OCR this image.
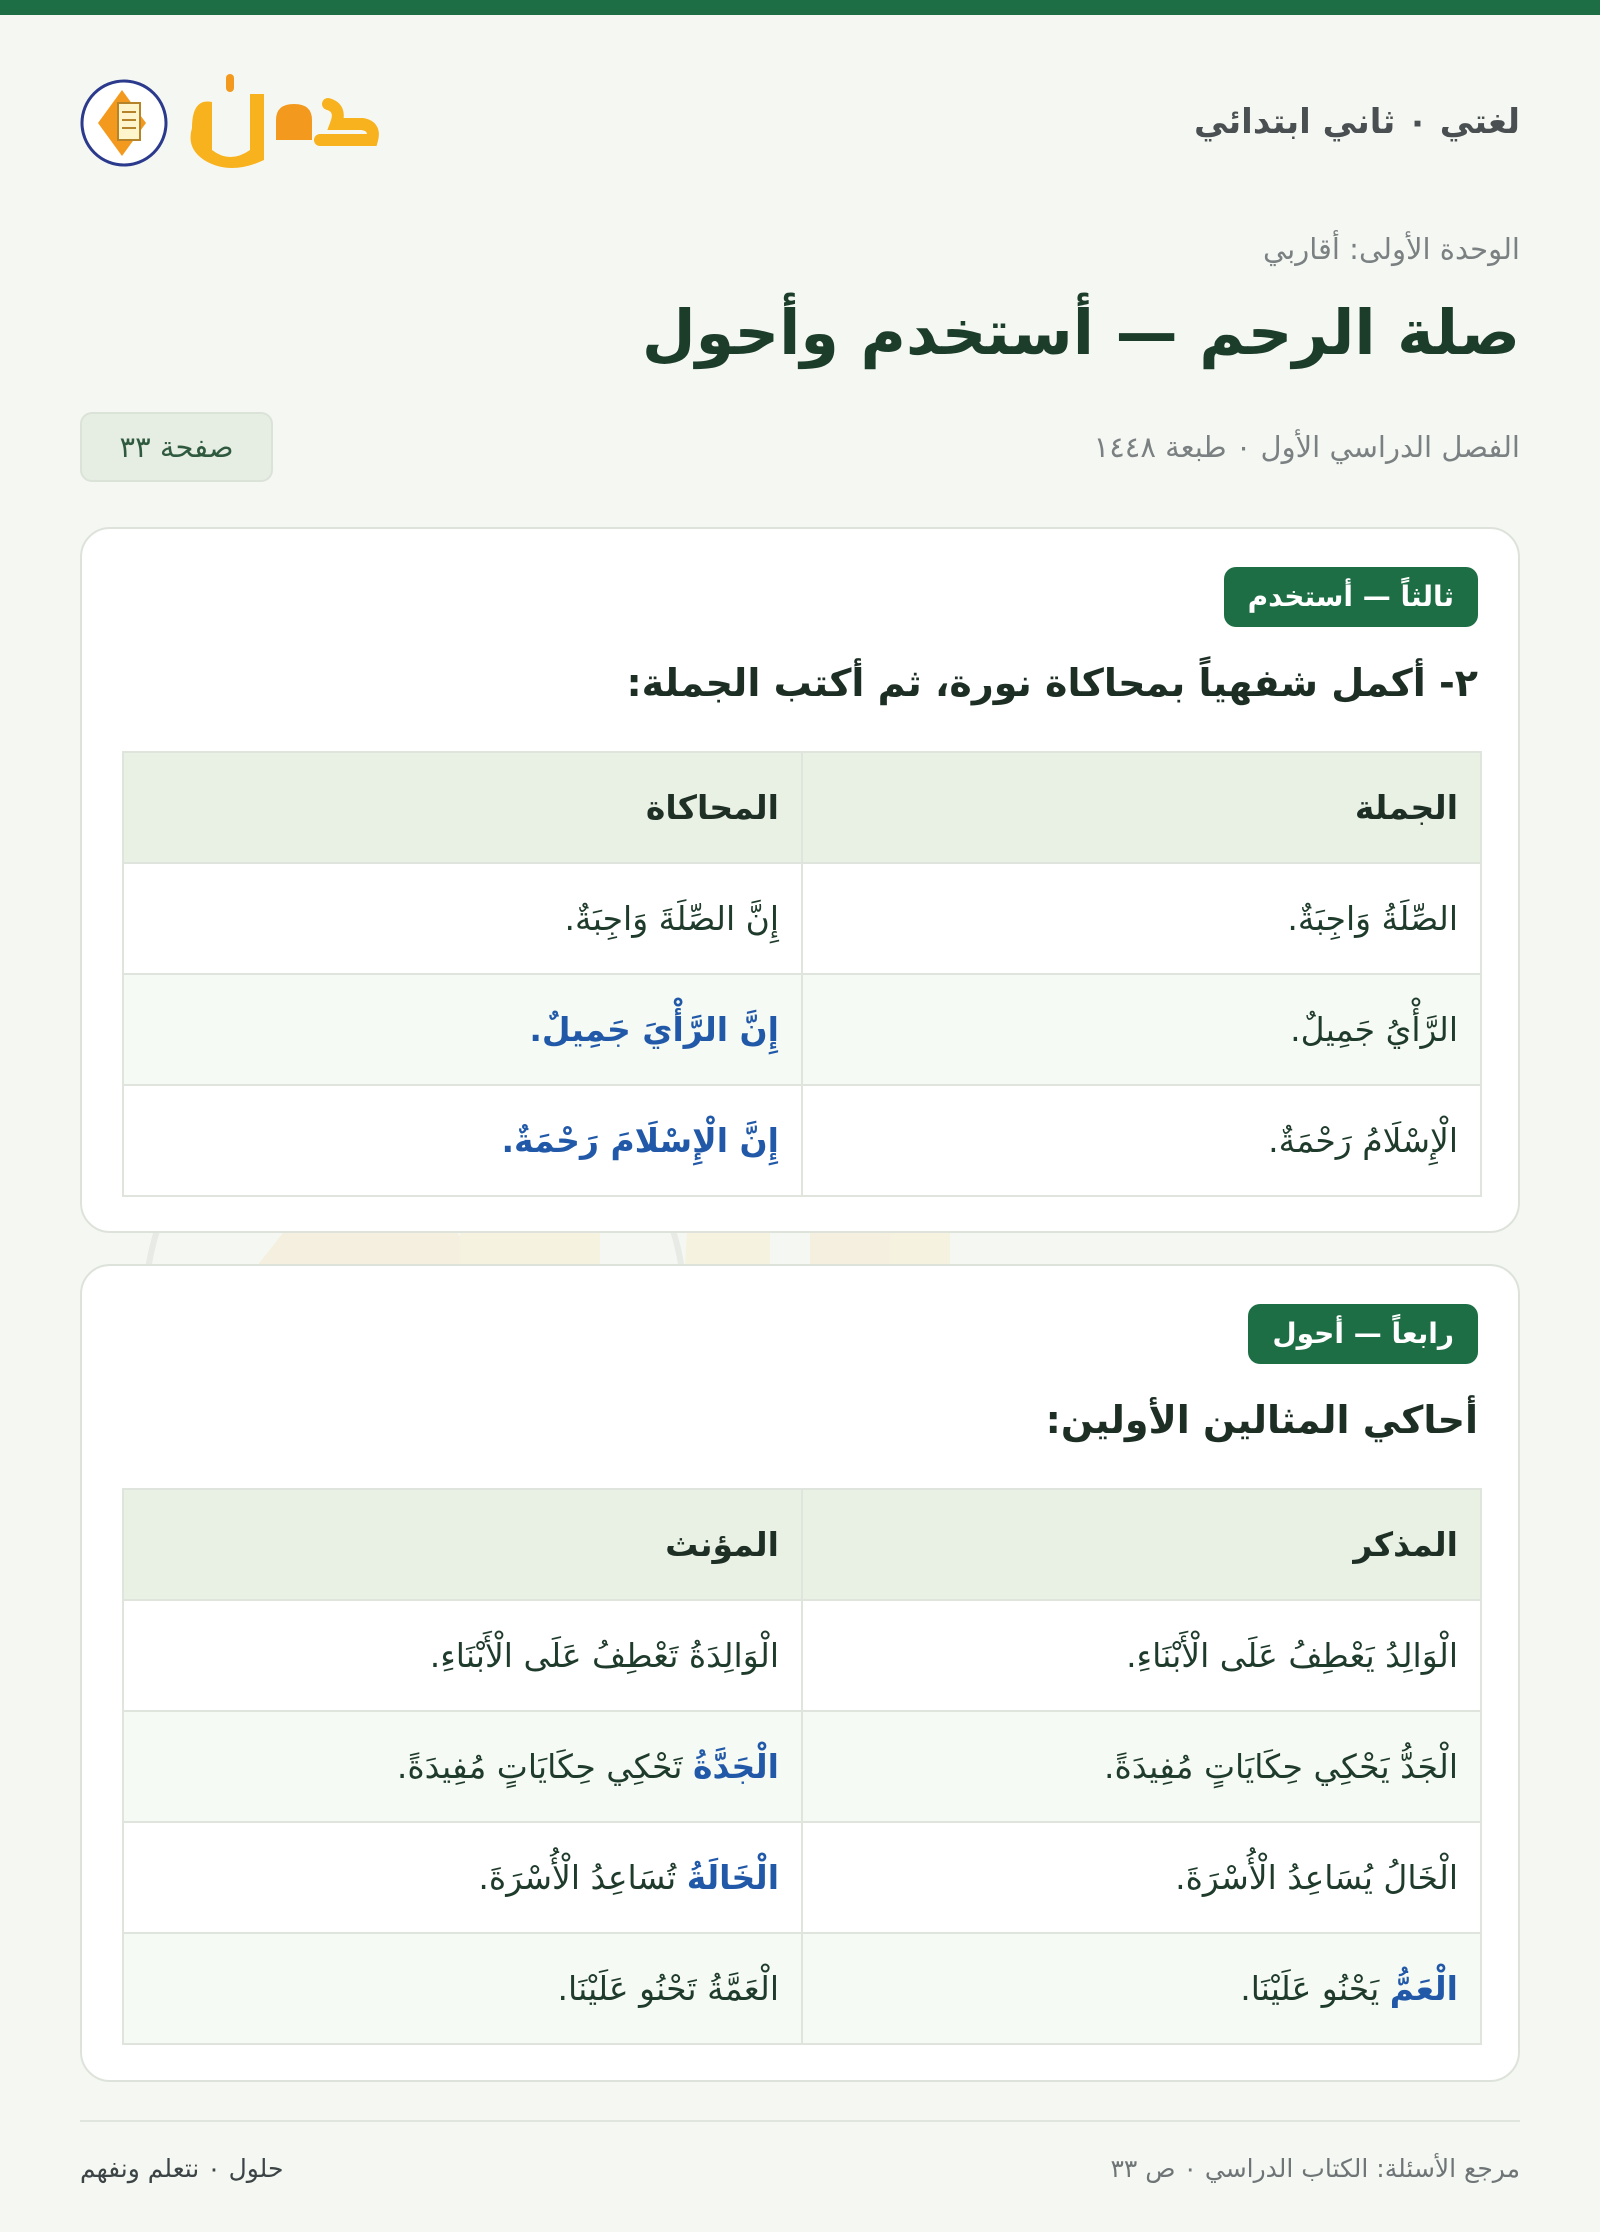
لغتي ٠ ثاني ابتدائي
الوحدة الأولى: أقاربي
صلة الرحم — أستخدم وأحول
الفصل الدراسي الأول ٠ طبعة ١٤٤٨
صفحة ٣٣
ثالثاً — أستخدم
٢- أكمل شفهياً بمحاكاة نورة، ثم أكتب الجملة:
الجملة	المحاكاة
الصِّلَةُ وَاجِبَةٌ.	إِنَّ الصِّلَةَ وَاجِبَةٌ.
الرَّأْيُ جَمِيلٌ.	إِنَّ الرَّأْيَ جَمِيلٌ.
الْإِسْلَامُ رَحْمَةٌ.	إِنَّ الْإِسْلَامَ رَحْمَةٌ.
رابعاً — أحول
أحاكي المثالين الأولين:
المذكر	المؤنث
الْوَالِدُ يَعْطِفُ عَلَى الْأَبْنَاءِ.	الْوَالِدَةُ تَعْطِفُ عَلَى الْأَبْنَاءِ.
الْجَدُّ يَحْكِي حِكَايَاتٍ مُفِيدَةً.	الْجَدَّةُ تَحْكِي حِكَايَاتٍ مُفِيدَةً.
الْخَالُ يُسَاعِدُ الْأُسْرَةَ.	الْخَالَةُ تُسَاعِدُ الْأُسْرَةَ.
الْعَمُّ يَحْنُو عَلَيْنَا.	الْعَمَّةُ تَحْنُو عَلَيْنَا.
مرجع الأسئلة: الكتاب الدراسي ٠ ص ٣٣
حلول ٠ نتعلم ونفهم
